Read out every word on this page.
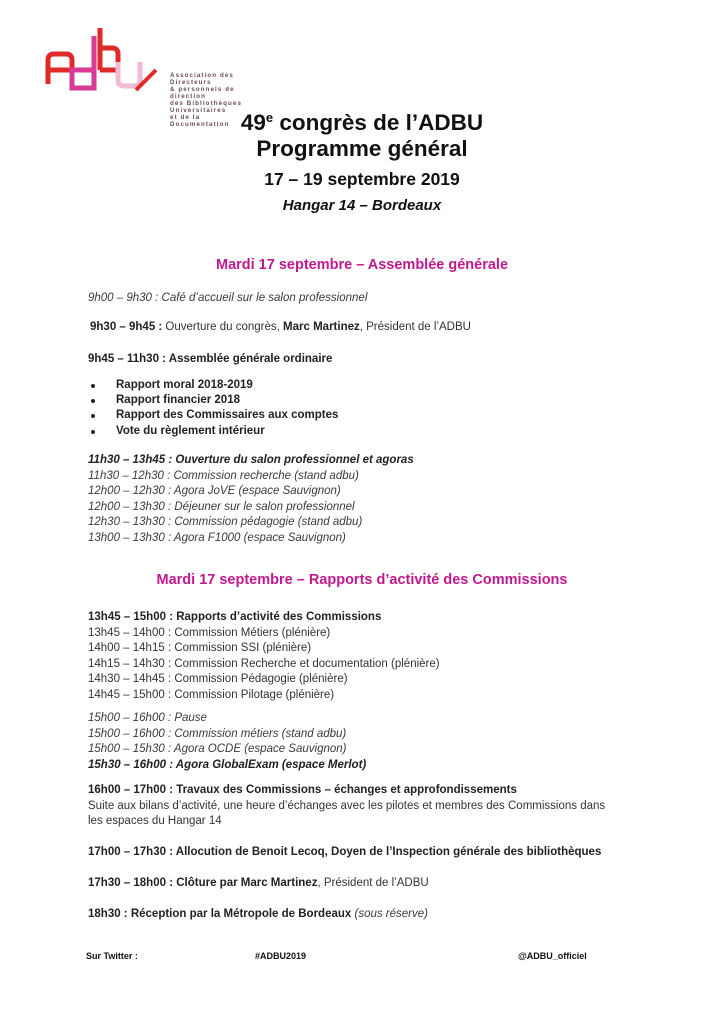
Association des Directeurs
& personnels de direction
des Bibliothèques Universitaires
et de la Documentation 49e congrès de l’ADBU
Programme général
17 – 19 septembre 2019
Hangar 14 – Bordeaux
Mardi 17 septembre – Assemblée générale
9h00 – 9h30 : Café d’accueil sur le salon professionnel
9h30 – 9h45 : Ouverture du congrès, Marc Martinez, Président de l’ADBU
9h45 – 11h30 : Assemblée générale ordinaire
Rapport moral 2018-2019
Rapport financier 2018
Rapport des Commissaires aux comptes
Vote du règlement intérieur
11h30 – 13h45 : Ouverture du salon professionnel et agoras
11h30 – 12h30 : Commission recherche (stand adbu)
12h00 – 12h30 : Agora JoVE (espace Sauvignon)
12h00 – 13h30 : Déjeuner sur le salon professionnel
12h30 – 13h30 : Commission pédagogie (stand adbu)
13h00 – 13h30 : Agora F1000 (espace Sauvignon)
Mardi 17 septembre – Rapports d’activité des Commissions
13h45 – 15h00 : Rapports d’activité des Commissions
13h45 – 14h00 : Commission Métiers (plénière)
14h00 – 14h15 : Commission SSI (plénière)
14h15 – 14h30 : Commission Recherche et documentation (plénière)
14h30 – 14h45 : Commission Pédagogie (plénière)
14h45 – 15h00 : Commission Pilotage (plénière)
15h00 – 16h00 : Pause
15h00 – 16h00 : Commission métiers (stand adbu)
15h00 – 15h30 : Agora OCDE (espace Sauvignon)
15h30 – 16h00 : Agora GlobalExam (espace Merlot)
16h00 – 17h00 : Travaux des Commissions – échanges et approfondissements
Suite aux bilans d’activité, une heure d’échanges avec les pilotes et membres des Commissions dans
les espaces du Hangar 14
17h00 – 17h30 : Allocution de Benoit Lecoq, Doyen de l’Inspection générale des bibliothèques
17h30 – 18h00 : Clôture par Marc Martinez, Président de l’ADBU
18h30 : Réception par la Métropole de Bordeaux (sous réserve)
Sur Twitter :	#ADBU2019	@ADBU_officiel
